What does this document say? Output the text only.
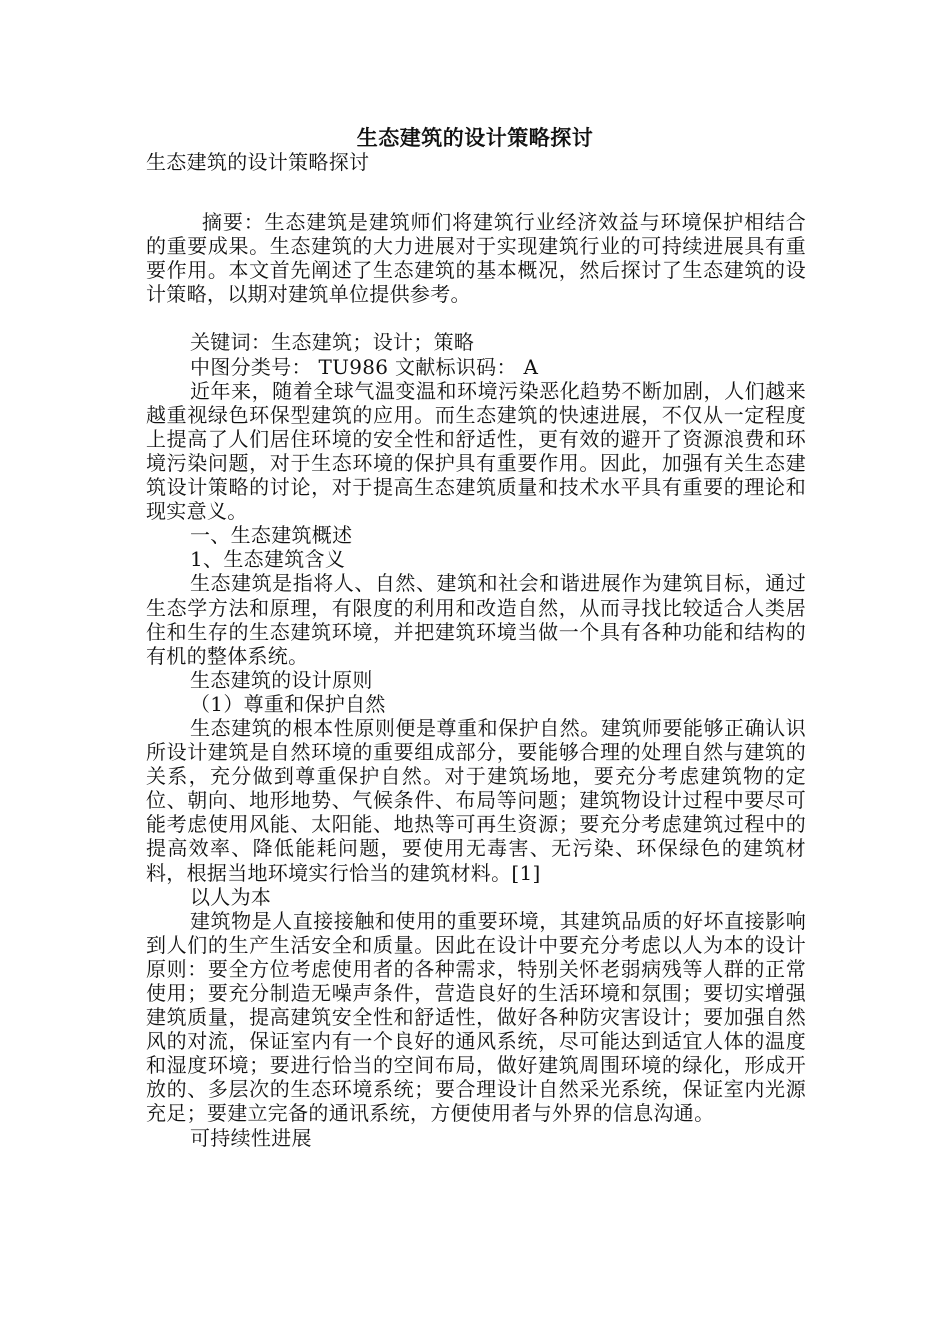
生态建筑的设计策略探讨

生态建筑的设计策略探讨

摘要：生态建筑是建筑师们将建筑行业经济效益与环境保护相结合的重要成果。生态建筑的大力进展对于实现建筑行业的可持续进展具有重要作用。本文首先阐述了生态建筑的基本概况，然后探讨了生态建筑的设计策略，以期对建筑单位提供参考。

关键词：生态建筑；设计；策略

中图分类号： TU986 文献标识码： A

近年来，随着全球气温变温和环境污染恶化趋势不断加剧，人们越来越重视绿色环保型建筑的应用。而生态建筑的快速进展，不仅从一定程度上提高了人们居住环境的安全性和舒适性，更有效的避开了资源浪费和环境污染问题，对于生态环境的保护具有重要作用。因此，加强有关生态建筑设计策略的讨论，对于提高生态建筑质量和技术水平具有重要的理论和现实意义。

一、生态建筑概述

1、生态建筑含义

生态建筑是指将人、自然、建筑和社会和谐进展作为建筑目标，通过生态学方法和原理，有限度的利用和改造自然，从而寻找比较适合人类居住和生存的生态建筑环境，并把建筑环境当做一个具有各种功能和结构的有机的整体系统。

生态建筑的设计原则

（1）尊重和保护自然

生态建筑的根本性原则便是尊重和保护自然。建筑师要能够正确认识所设计建筑是自然环境的重要组成部分，要能够合理的处理自然与建筑的关系，充分做到尊重保护自然。对于建筑场地，要充分考虑建筑物的定位、朝向、地形地势、气候条件、布局等问题；建筑物设计过程中要尽可能考虑使用风能、太阳能、地热等可再生资源；要充分考虑建筑过程中的提高效率、降低能耗问题，要使用无毒害、无污染、环保绿色的建筑材料，根据当地环境实行恰当的建筑材料。[1]

以人为本

建筑物是人直接接触和使用的重要环境，其建筑品质的好坏直接影响到人们的生产生活安全和质量。因此在设计中要充分考虑以人为本的设计原则：要全方位考虑使用者的各种需求，特别关怀老弱病残等人群的正常使用；要充分制造无噪声条件，营造良好的生活环境和氛围；要切实增强建筑质量，提高建筑安全性和舒适性，做好各种防灾害设计；要加强自然风的对流，保证室内有一个良好的通风系统，尽可能达到适宜人体的温度和湿度环境；要进行恰当的空间布局，做好建筑周围环境的绿化，形成开放的、多层次的生态环境系统；要合理设计自然采光系统，保证室内光源充足；要建立完备的通讯系统，方便使用者与外界的信息沟通。

可持续性进展
